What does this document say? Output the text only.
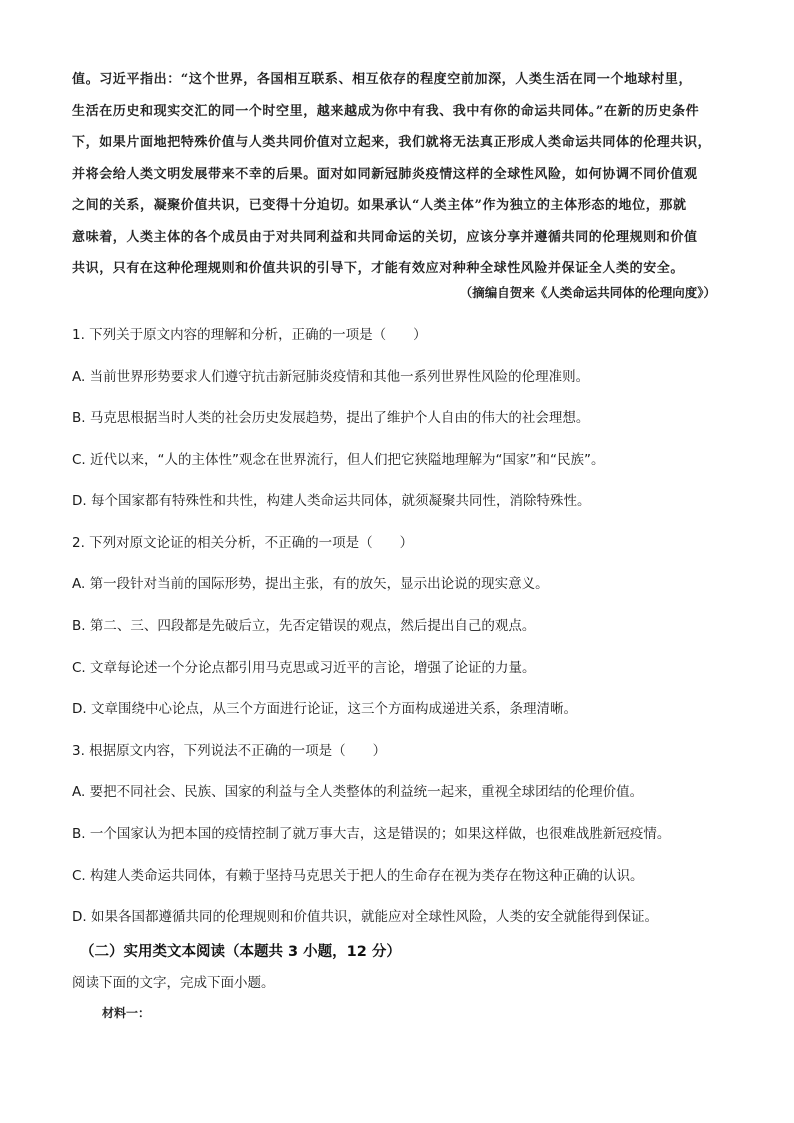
值。习近平指出：“这个世界，各国相互联系、相互依存的程度空前加深，人类生活在同一个地球村里，
生活在历史和现实交汇的同一个时空里，越来越成为你中有我、我中有你的命运共同体。”在新的历史条件
下，如果片面地把特殊价值与人类共同价值对立起来，我们就将无法真正形成人类命运共同体的伦理共识，
并将会给人类文明发展带来不幸的后果。面对如同新冠肺炎疫情这样的全球性风险，如何协调不同价值观
之间的关系，凝聚价值共识，已变得十分迫切。如果承认“人类主体”作为独立的主体形态的地位，那就
意味着，人类主体的各个成员由于对共同利益和共同命运的关切，应该分享并遵循共同的伦理规则和价值
共识，只有在这种伦理规则和价值共识的引导下，才能有效应对种种全球性风险并保证全人类的安全。
（摘编自贺来《人类命运共同体的伦理向度》）
1. 下列关于原文内容的理解和分析，正确的一项是（　　）
A. 当前世界形势要求人们遵守抗击新冠肺炎疫情和其他一系列世界性风险的伦理准则。
B. 马克思根据当时人类的社会历史发展趋势，提出了维护个人自由的伟大的社会理想。
C. 近代以来，“人的主体性”观念在世界流行，但人们把它狭隘地理解为“国家”和“民族”。
D. 每个国家都有特殊性和共性，构建人类命运共同体，就须凝聚共同性，消除特殊性。
2. 下列对原文论证的相关分析，不正确的一项是（　　）
A. 第一段针对当前的国际形势，提出主张，有的放矢，显示出论说的现实意义。
B. 第二、三、四段都是先破后立，先否定错误的观点，然后提出自己的观点。
C. 文章每论述一个分论点都引用马克思或习近平的言论，增强了论证的力量。
D. 文章围绕中心论点，从三个方面进行论证，这三个方面构成递进关系，条理清晰。
3. 根据原文内容，下列说法不正确的一项是（　　）
A. 要把不同社会、民族、国家的利益与全人类整体的利益统一起来，重视全球团结的伦理价值。
B. 一个国家认为把本国的疫情控制了就万事大吉，这是错误的；如果这样做，也很难战胜新冠疫情。
C. 构建人类命运共同体，有赖于坚持马克思关于把人的生命存在视为类存在物这种正确的认识。
D. 如果各国都遵循共同的伦理规则和价值共识，就能应对全球性风险，人类的安全就能得到保证。
（二）实用类文本阅读（本题共 3 小题，12 分）
阅读下面的文字，完成下面小题。
材料一：
